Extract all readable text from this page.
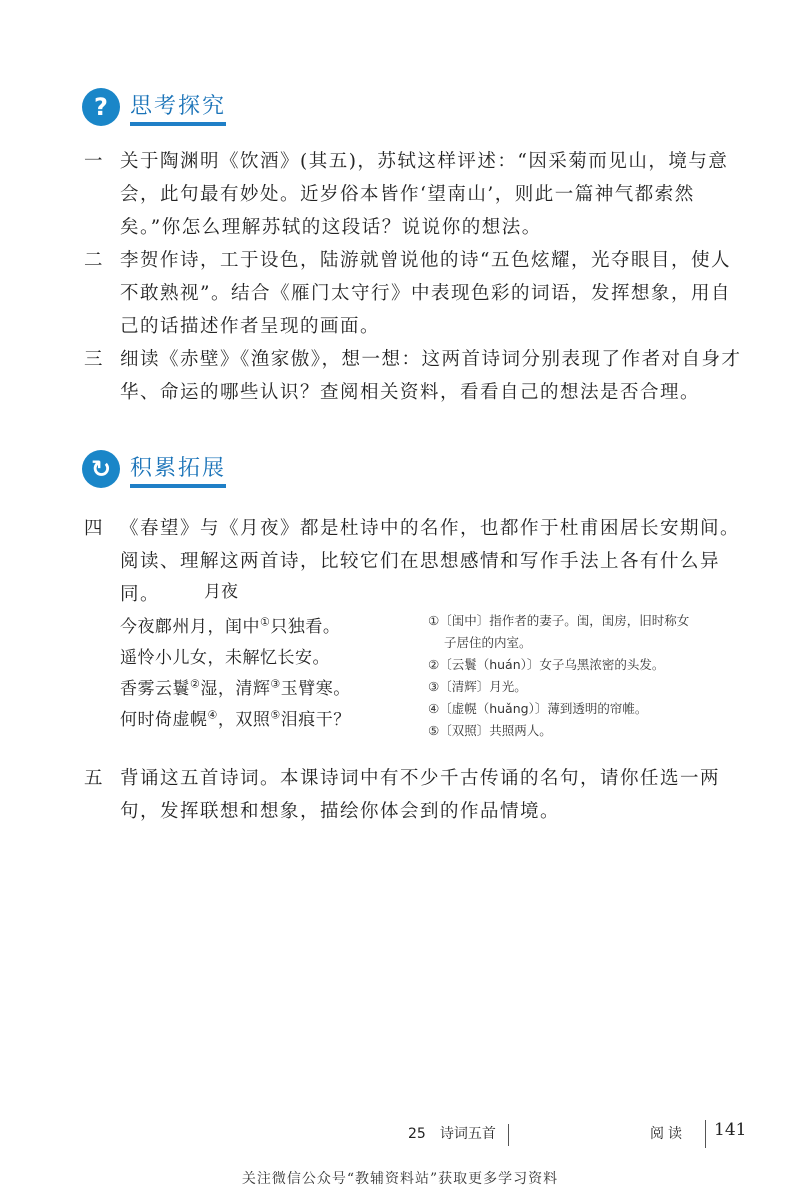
?	思考探究
一 关于陶渊明《饮酒》(其五)，苏轼这样评述：“因采菊而见山，境与意会，此句最有妙处。近岁俗本皆作‘望南山’，则此一篇神气都索然矣。”你怎么理解苏轼的这段话？说说你的想法。
二 李贺作诗，工于设色，陆游就曾说他的诗“五色炫耀，光夺眼目，使人不敢熟视”。结合《雁门太守行》中表现色彩的词语，发挥想象，用自己的话描述作者呈现的画面。
三 细读《赤壁》《渔家傲》，想一想：这两首诗词分别表现了作者对自身才华、命运的哪些认识？查阅相关资料，看看自己的想法是否合理。
↻ 积累拓展
四 《春望》与《月夜》都是杜诗中的名作，也都作于杜甫困居长安期间。阅读、理解这两首诗，比较它们在思想感情和写作手法上各有什么异同。	月夜
今夜鄜州月，闺中①只独看。
遥怜小儿女，未解忆长安。
香雾云鬟②湿，清辉③玉臂寒。
何时倚虚幌④，双照⑤泪痕干？
①〔闺中〕指作者的妻子。闺，闺房，旧时称女
子居住的内室。
②〔云鬟（huán）〕女子乌黑浓密的头发。
③〔清辉〕月光。
④〔虚幌（huǎng）〕薄到透明的帘帷。
⑤〔双照〕共照两人。
五 背诵这五首诗词。本课诗词中有不少千古传诵的名句，请你任选一两句，发挥联想和想象，描绘你体会到的作品情境。
25　诗词五首	阅读 141
关注微信公众号“教辅资料站”获取更多学习资料
